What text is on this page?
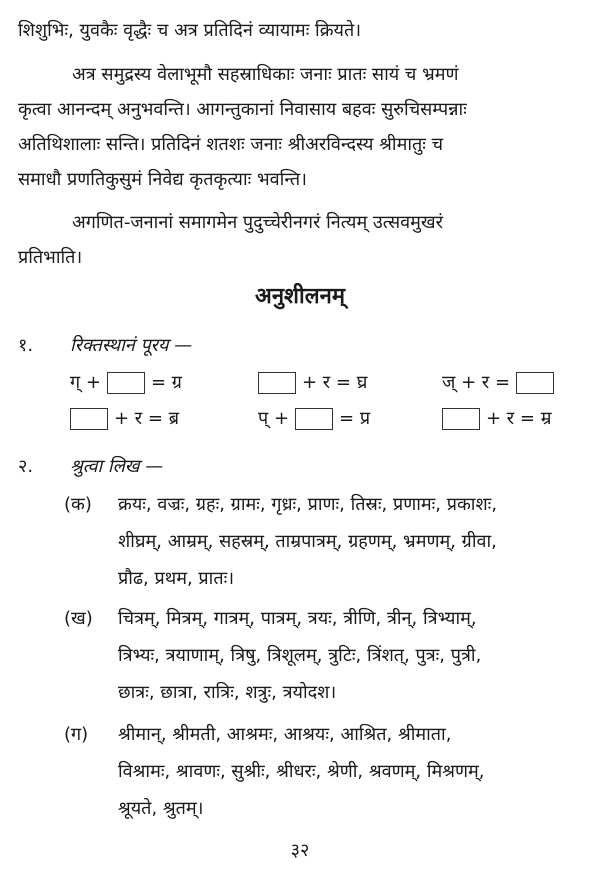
शिशुभिः, युवकैः वृद्धैः च अत्र प्रतिदिनं व्यायामः क्रियते।
अत्र समुद्रस्य वेलाभूमौ सहस्राधिकाः जनाः प्रातः सायं च भ्रमणं
कृत्वा आनन्दम् अनुभवन्ति। आगन्तुकानां निवासाय बहवः सुरुचिसम्पन्नाः
अतिथिशालाः सन्ति। प्रतिदिनं शतशः जनाः श्रीअरविन्दस्य श्रीमातुः च
समाधौ प्रणतिकुसुमं निवेद्य कृतकृत्याः भवन्ति।
अगणित-जनानां समागमेन पुदुच्चेरीनगरं नित्यम् उत्सवमुखरं
प्रतिभाति।
अनुशीलनम्
१. रिक्तस्थानं पूरय —
ग् +	= ग्र	+ र = घ्र	ज् + र =
+ र = ब्र	प् +	= प्र	+ र = म्र
२. श्रुत्वा लिख —
(क) क्रयः, वज्रः, ग्रहः, ग्रामः, गृध्रः, प्राणः, तिस्रः, प्रणामः, प्रकाशः,
शीघ्रम्, आम्रम्, सहस्रम्, ताम्रपात्रम्, ग्रहणम्, भ्रमणम्, ग्रीवा,
प्रौढ, प्रथम, प्रातः।
(ख) चित्रम्, मित्रम्, गात्रम्, पात्रम्, त्रयः, त्रीणि, त्रीन्, त्रिभ्याम्,
त्रिभ्यः, त्रयाणाम्, त्रिषु, त्रिशूलम्, त्रुटिः, त्रिंशत्, पुत्रः, पुत्री,
छात्रः, छात्रा, रात्रिः, शत्रुः, त्रयोदश।
(ग) श्रीमान्, श्रीमती, आश्रमः, आश्रयः, आश्रित, श्रीमाता,
विश्रामः, श्रावणः, सुश्रीः, श्रीधरः, श्रेणी, श्रवणम्, मिश्रणम्,
श्रूयते, श्रुतम्।
३२
